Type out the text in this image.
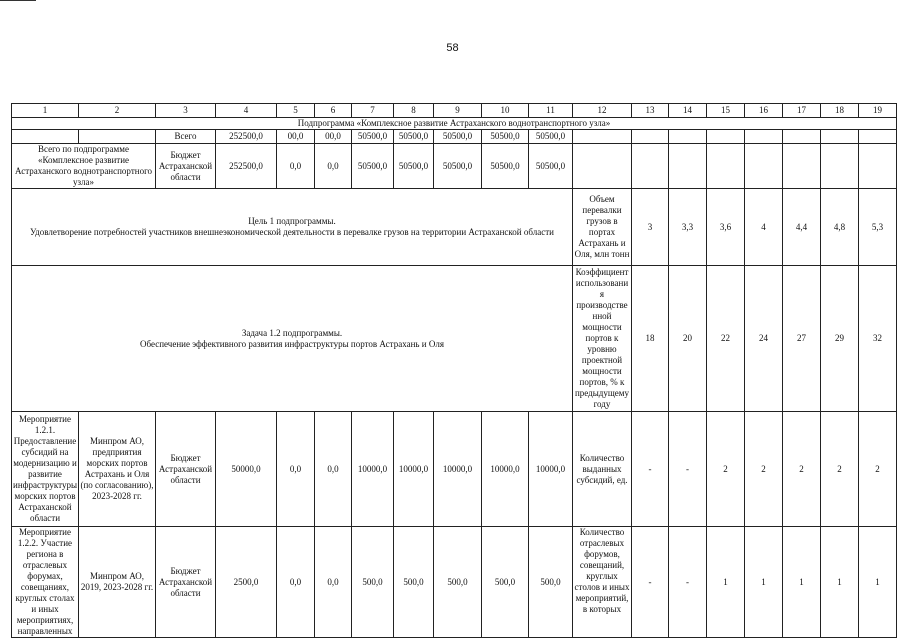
58
1	2	3	4	5	6	7	8	9	10	11	12	13	14	15	16	17	18	19
Подпрограмма «Комплексное развитие Астраханского воднотранспортного узла»																		
		Всего	252500,0	00,0	00,0	50500,0	50500,0	50500,0	50500,0	50500,0								
Всего по подпрограмме «Комплексное развитие Астраханского воднотранспортного узла»		Бюджет Астраханской области	252500,0	0,0	0,0	50500,0	50500,0	50500,0	50500,0	50500,0								

Цель 1 подпрограммы.
Удовлетворение потребностей участников внешнеэкономической деятельности в перевалке грузов на территории Астраханской области											Объем перевалки грузов в портах Астрахань и Оля, млн тонн	3	3,3	3,6	4	4,4	4,8	5,3

Задача 1.2 подпрограммы.
Обеспечение эффективного развития инфраструктуры портов Астрахань и Оля											Коэффициент использования производственной мощности портов к уровню проектной мощности портов, % к предыдущему году	18	20	22	24	27	29	32
Мероприятие 1.2.1. Предоставление субсидий на модернизацию и развитие инфраструктуры морских портов Астраханской области	Минпром АО, предприятия морских портов Астрахань и Оля (по согласованию), 2023-2028 гг.	Бюджет Астраханской области	50000,0	0,0	0,0	10000,0	10000,0	10000,0	10000,0	10000,0	Количество выданных субсидий, ед.	-	-	2	2	2	2	2
Мероприятие 1.2.2. Участие региона в отраслевых форумах, совещаниях, круглых столах и иных мероприятиях, направленных	Минпром АО, 2019, 2023-2028 гг.	Бюджет Астраханской области	2500,0	0,0	0,0	500,0	500,0	500,0	500,0	500,0	Количество отраслевых форумов, совещаний, круглых столов и иных мероприятий, в которых	-	-	1	1	1	1	1
